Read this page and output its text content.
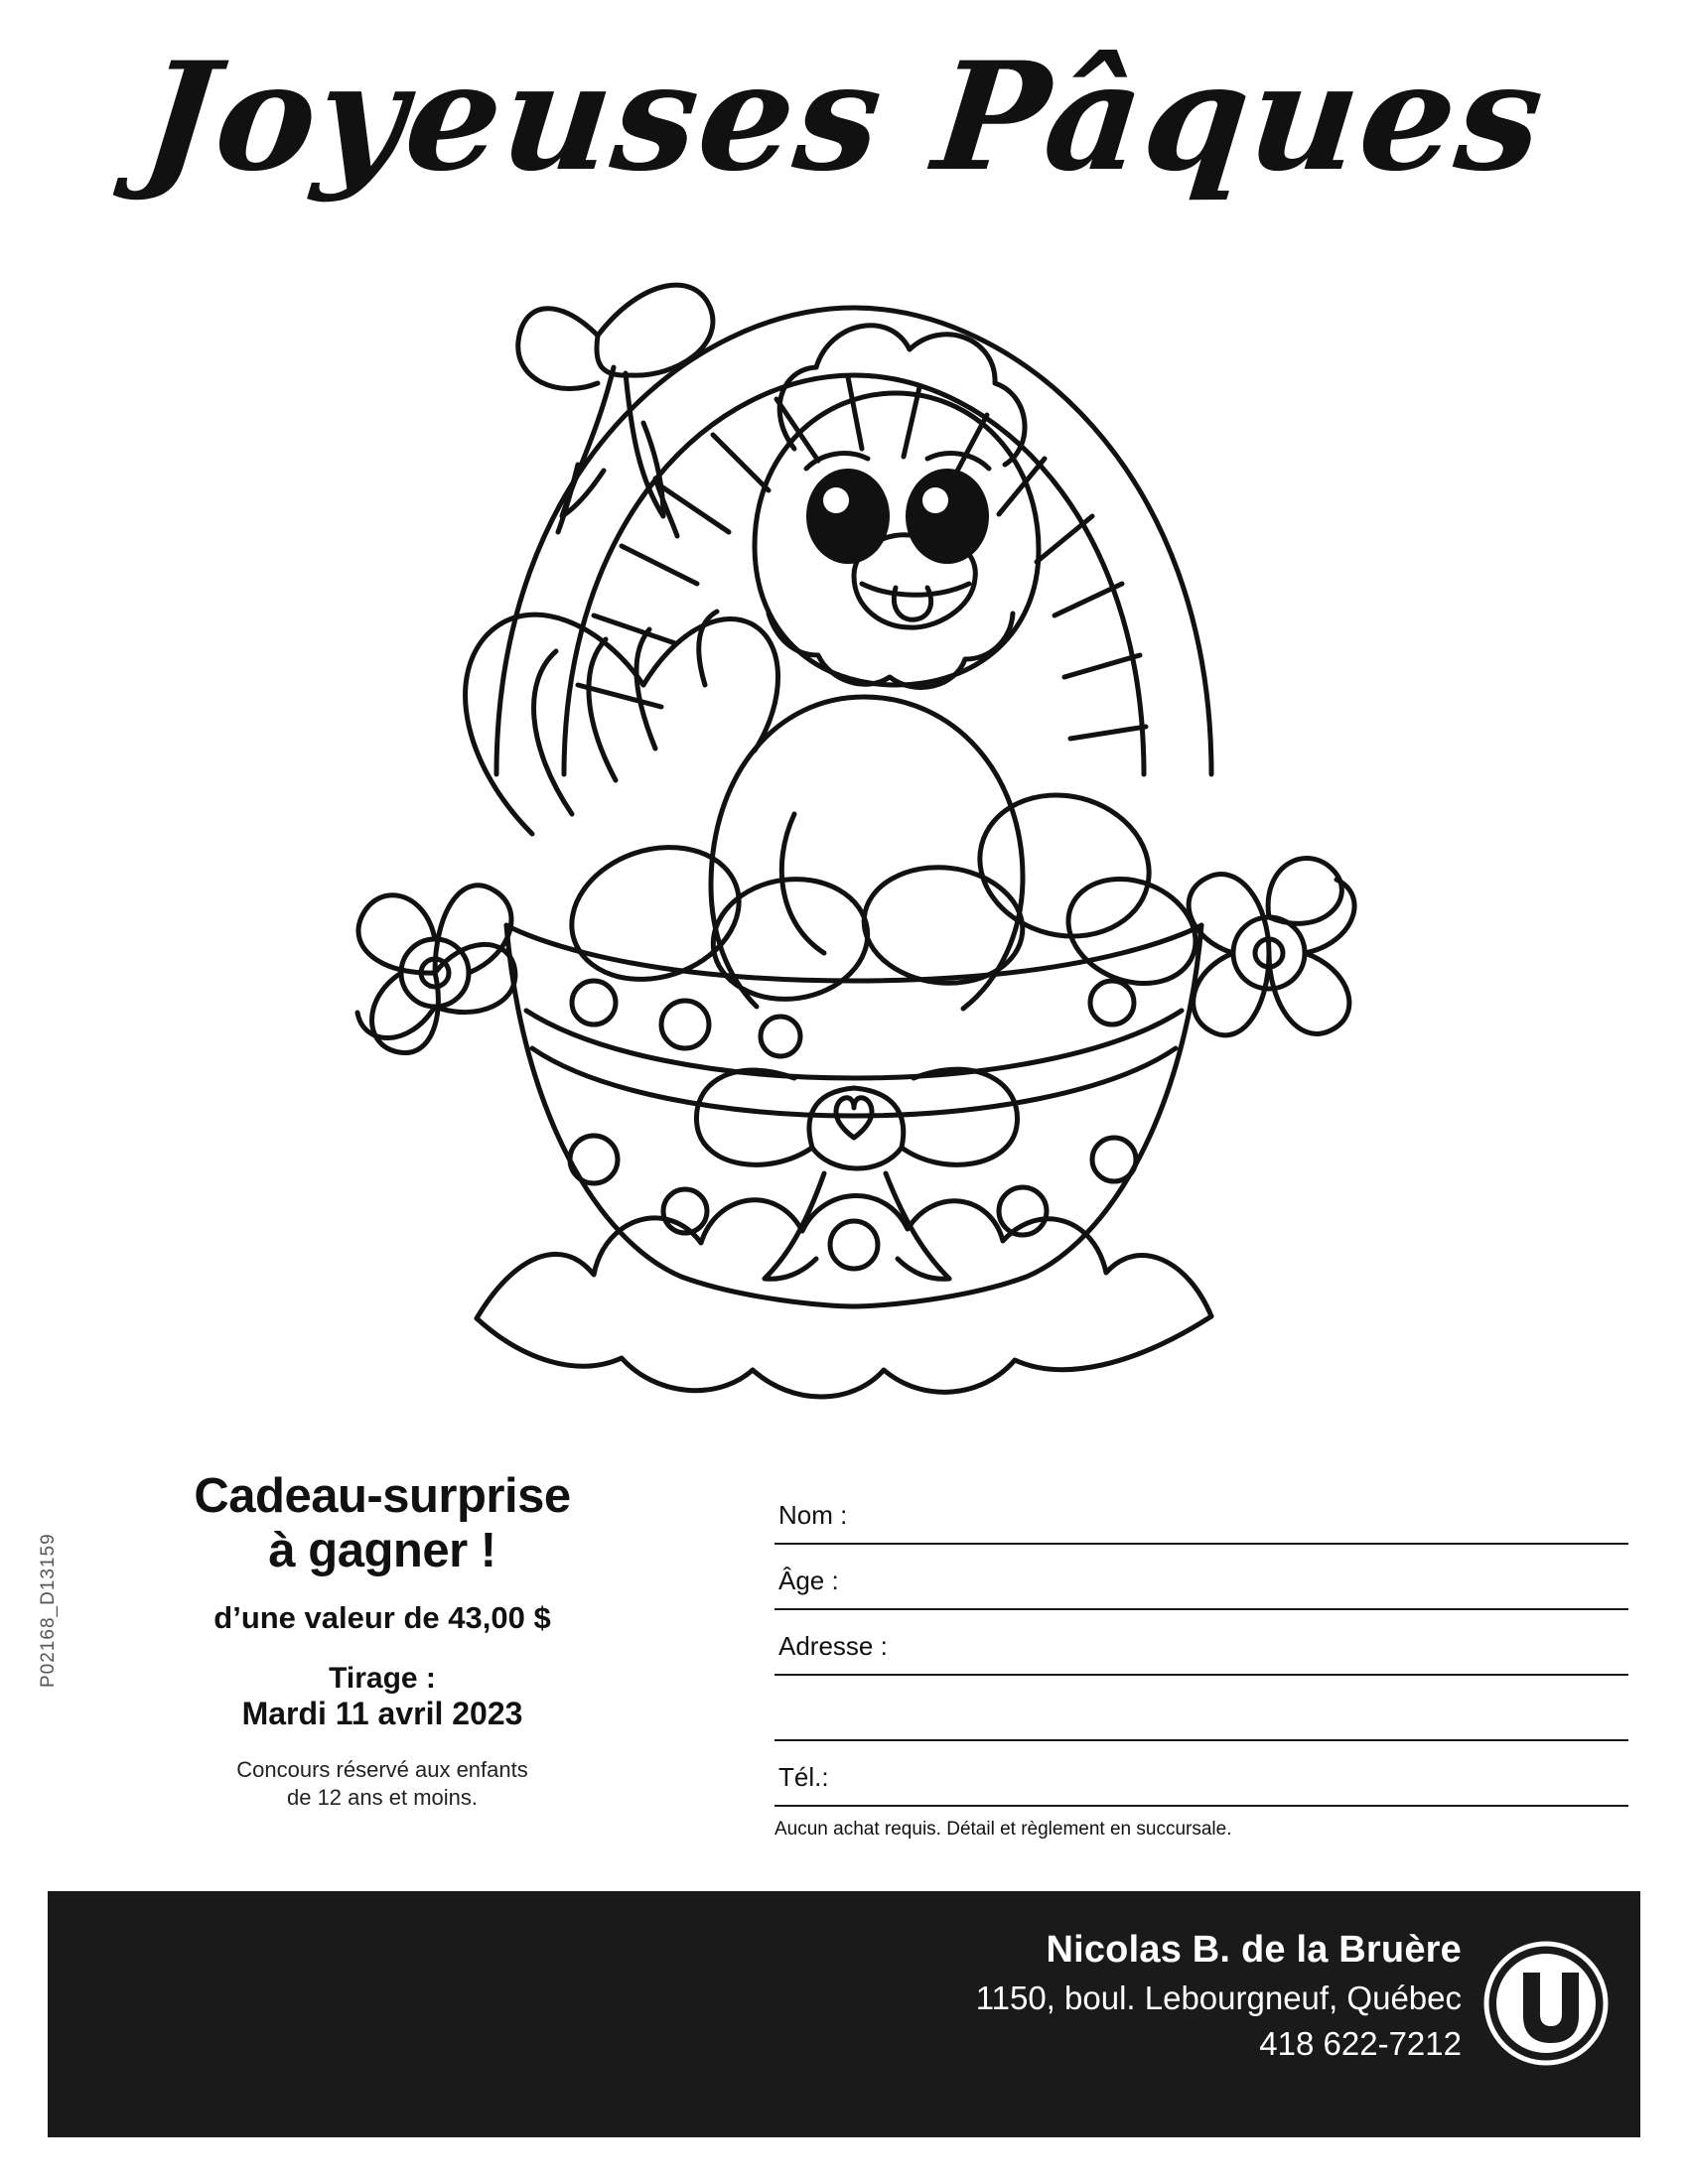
Joyeuses Pâques
Cadeau-surprise
à gagner !
d’une valeur de 43,00 $
Tirage :
Mardi 11 avril 2023
Concours réservé aux enfants
de 12 ans et moins.
P02168_D13159
Nom :
Âge :
Adresse :
Tél.:
Aucun achat requis. Détail et règlement en succursale.
Nicolas B. de la Bruère
1150, boul. Lebourgneuf, Québec
418 622-7212
